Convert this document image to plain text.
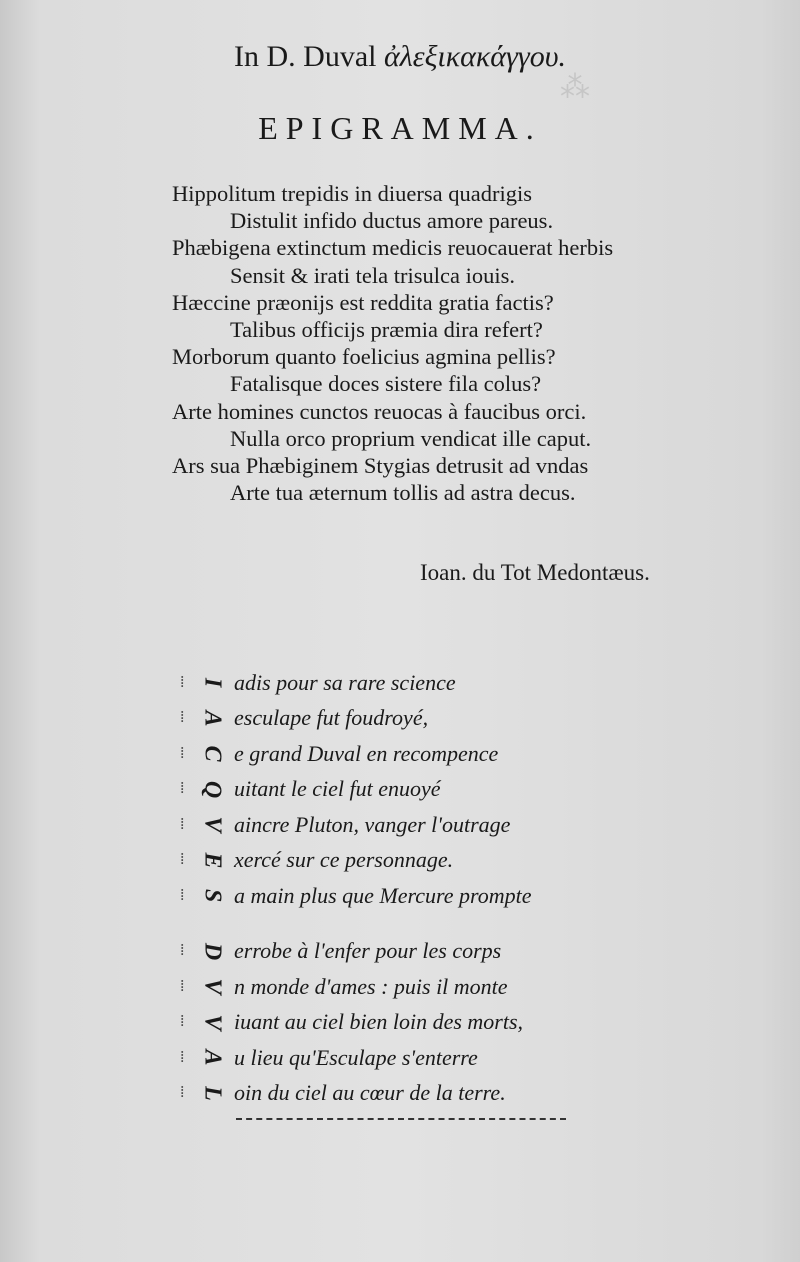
⁂
In D. Duval ἀλεξικακάγγου.
EPIGRAMMA.
Hippolitum trepidis in diuersa quadrigis
Distulit infido ductus amore pareus.
Phæbigena extinctum medicis reuocauerat herbis
Sensit & irati tela trisulca iouis.
Hæccine præonijs est reddita gratia factis?
Talibus officijs præmia dira refert?
Morborum quanto foelicius agmina pellis?
Fatalisque doces sistere fila colus?
Arte homines cunctos reuocas à faucibus orci.
Nulla orco proprium vendicat ille caput.
Ars sua Phæbiginem Stygias detrusit ad vndas
Arte tua æternum tollis ad astra decus.
Ioan. du Tot Medontæus.
⁞ I adis pour sa rare science
⁞ A esculape fut foudroyé,
⁞ C e grand Duval en recompence
⁞ Q uitant le ciel fut enuoyé
⁞ V aincre Pluton, vanger l'outrage
⁞ E xercé sur ce personnage.
⁞ S a main plus que Mercure prompte
⁞ D errobe à l'enfer pour les corps
⁞ V n monde d'ames : puis il monte
⁞ V iuant au ciel bien loin des morts,
⁞ A u lieu qu'Esculape s'enterre
⁞ L oin du ciel au cœur de la terre.
